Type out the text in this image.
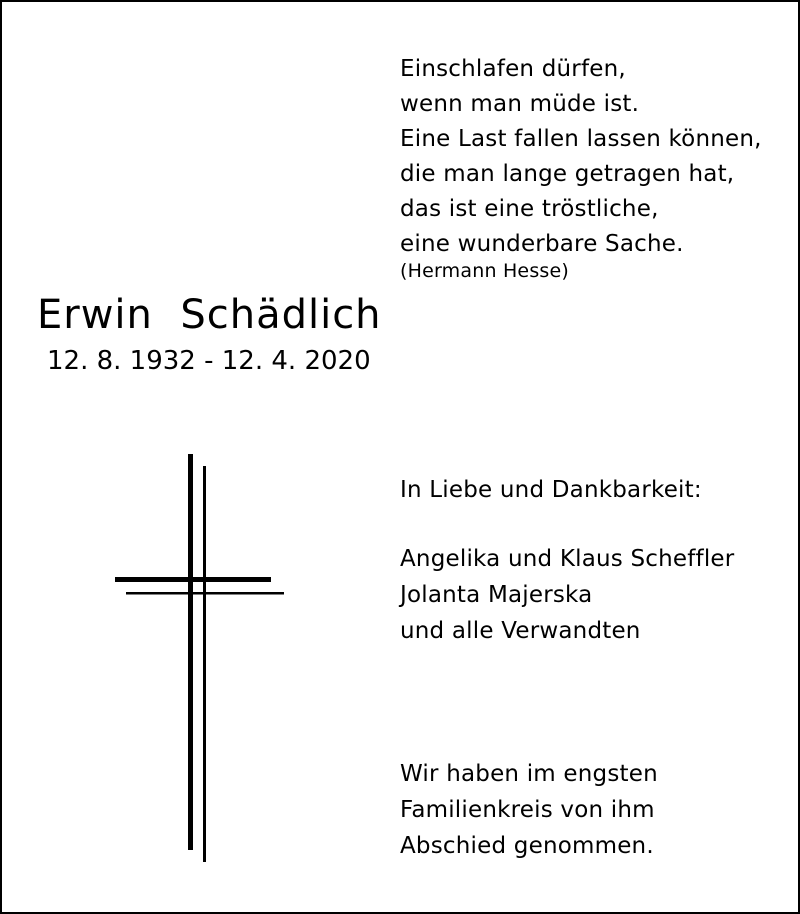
Einschlafen dürfen,
wenn man müde ist.
Eine Last fallen lassen können,
die man lange getragen hat,
das ist eine tröstliche,
eine wunderbare Sache.
(Hermann Hesse)
Erwin  Schädlich
12. 8. 1932 - 12. 4. 2020
In Liebe und Dankbarkeit:
Angelika und Klaus Scheffler
Jolanta Majerska
und alle Verwandten
Wir haben im engsten
Familienkreis von ihm
Abschied genommen.
